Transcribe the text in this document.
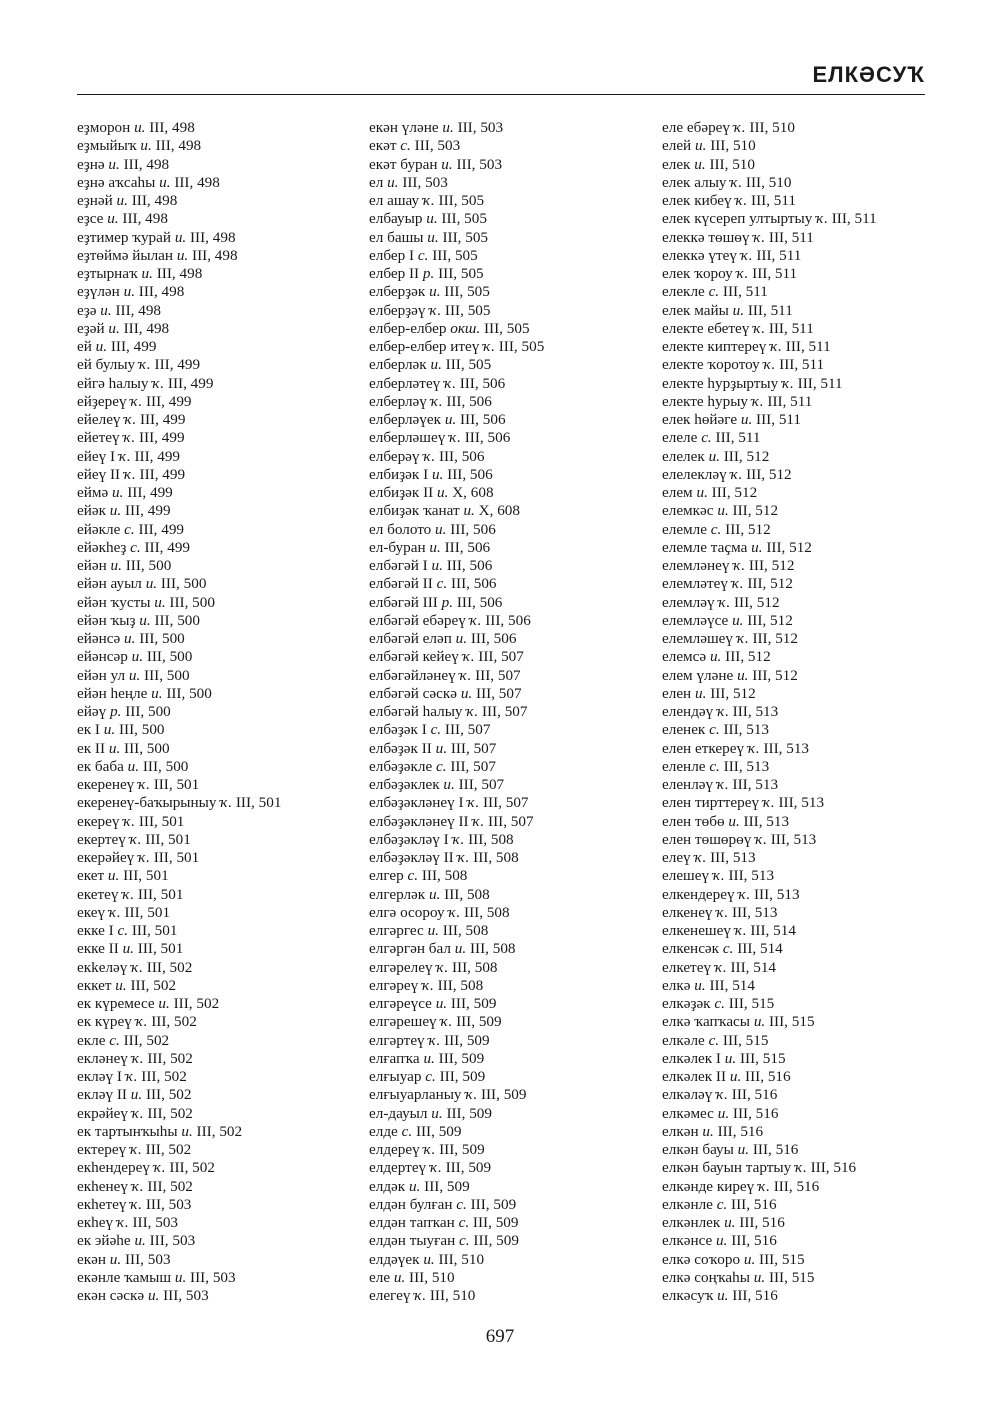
ЕЛКӘСУҠ
еҙморон и. III, 498
еҙмыйыҡ и. III, 498
еҙнә и. III, 498
еҙнә аҡсаһы и. III, 498
еҙнәй и. III, 498
еҙсе и. III, 498
еҙтимер ҡурай и. III, 498
еҙтөймә йылан и. III, 498
еҙтырнаҡ и. III, 498
еҙүлән и. III, 498
еҙә и. III, 498
еҙәй и. III, 498
ей и. III, 499
ей булыу ҡ. III, 499
ейгә һалыу ҡ. III, 499
ейҙереү ҡ. III, 499
ейелеү ҡ. III, 499
ейетеү ҡ. III, 499
ейеү I ҡ. III, 499
ейеү II ҡ. III, 499
еймә и. III, 499
ейәк и. III, 499
ейәкле с. III, 499
ейәкһеҙ с. III, 499
ейән и. III, 500
ейән ауыл и. III, 500
ейән ҡусты и. III, 500
ейән ҡыҙ и. III, 500
ейәнсә и. III, 500
ейәнсәр и. III, 500
ейән ул и. III, 500
ейән һеңле и. III, 500
ейәү р. III, 500
ек I и. III, 500
ек II и. III, 500
ек баба и. III, 500
екеренеү ҡ. III, 501
екеренеү-баҡырыныу ҡ. III, 501
екереү ҡ. III, 501
екертеү ҡ. III, 501
екерәйеү ҡ. III, 501
екет и. III, 501
екетеү ҡ. III, 501
екеү ҡ. III, 501
екке I с. III, 501
екке II и. III, 501
екkeләү ҡ. III, 502
еккет и. III, 502
ек күремесе и. III, 502
ек күреү ҡ. III, 502
екле с. III, 502
екләнеү ҡ. III, 502
екләү I ҡ. III, 502
екләү II и. III, 502
екрәйеү ҡ. III, 502
ек тартынҡыһы и. III, 502
ектереү ҡ. III, 502
екһендереү ҡ. III, 502
екһенеү ҡ. III, 502
екһетеү ҡ. III, 503
екһеү ҡ. III, 503
ек эйәһе и. III, 503
екән и. III, 503
екәнле ҡамыш и. III, 503
екән сәскә и. III, 503
екән үләне и. III, 503
екәт с. III, 503
екәт буран и. III, 503
ел и. III, 503
ел ашау ҡ. III, 505
елбауыр и. III, 505
ел башы и. III, 505
елбер I с. III, 505
елбер II р. III, 505
елберҙәк и. III, 505
елберҙәү ҡ. III, 505
елбер-елбер окш. III, 505
елбер-елбер итеү ҡ. III, 505
елберләк и. III, 505
елберләтеү ҡ. III, 506
елберләү ҡ. III, 506
елберләүек и. III, 506
елберләшеү ҡ. III, 506
елберәү ҡ. III, 506
елбиҙәк I и. III, 506
елбиҙәк II и. X, 608
елбиҙәк ҡанат и. X, 608
ел болото и. III, 506
ел-буран и. III, 506
елбәгәй I и. III, 506
елбәгәй II с. III, 506
елбәгәй III р. III, 506
елбәгәй ебәреү ҡ. III, 506
елбәгәй еләп и. III, 506
елбәгәй кейеү ҡ. III, 507
елбәгәйләнеү ҡ. III, 507
елбәгәй сәскә и. III, 507
елбәгәй һалыу ҡ. III, 507
елбәҙәк I с. III, 507
елбәҙәк II и. III, 507
елбәҙәкле с. III, 507
елбәҙәклек и. III, 507
елбәҙәкләнеү I ҡ. III, 507
елбәҙәкләнеү II ҡ. III, 507
елбәҙәкләү I ҡ. III, 508
елбәҙәкләү II ҡ. III, 508
елгер с. III, 508
елгерләк и. III, 508
елгә осороу ҡ. III, 508
елгәргес и. III, 508
елгәргән бал и. III, 508
елгәрелеү ҡ. III, 508
елгәреү ҡ. III, 508
елгәреүсе и. III, 509
елгәрешеү ҡ. III, 509
елгәртеү ҡ. III, 509
елғапҡа и. III, 509
елғыуар с. III, 509
елғыуарланыу ҡ. III, 509
ел-дауыл и. III, 509
елде с. III, 509
елдереү ҡ. III, 509
елдертеү ҡ. III, 509
елдәк и. III, 509
елдән булған с. III, 509
елдән тапҡан с. III, 509
елдән тыуған с. III, 509
елдәүек и. III, 510
еле и. III, 510
елегеү ҡ. III, 510
еле ебәреү ҡ. III, 510
елей и. III, 510
елек и. III, 510
елек алыу ҡ. III, 510
елек кибеү ҡ. III, 511
елек күсереп ултыртыу ҡ. III, 511
елеккә төшөү ҡ. III, 511
елеккә үтеү ҡ. III, 511
елек ҡороу ҡ. III, 511
елекле с. III, 511
елек майы и. III, 511
електе ебетеү ҡ. III, 511
електе киптереү ҡ. III, 511
електе ҡоротоу ҡ. III, 511
електе һурҙыртыу ҡ. III, 511
електе һурыу ҡ. III, 511
елек һөйәге и. III, 511
елеле с. III, 511
елелек и. III, 512
елелекләү ҡ. III, 512
елем и. III, 512
елемкәс и. III, 512
елемле с. III, 512
елемле таҫма и. III, 512
елемләнеү ҡ. III, 512
елемләтеү ҡ. III, 512
елемләү ҡ. III, 512
елемләүсе и. III, 512
елемләшеү ҡ. III, 512
елемсә и. III, 512
елем үләне и. III, 512
елен и. III, 512
елендәү ҡ. III, 513
еленек с. III, 513
елен еткереү ҡ. III, 513
еленле с. III, 513
еленләү ҡ. III, 513
елен тирттереү ҡ. III, 513
елен төбө и. III, 513
елен төшөрөү ҡ. III, 513
елеү ҡ. III, 513
елешеү ҡ. III, 513
елкендереү ҡ. III, 513
елкенеү ҡ. III, 513
елкенешеү ҡ. III, 514
елкенсәк с. III, 514
елкетеү ҡ. III, 514
елкә и. III, 514
елкәҙәк с. III, 515
елкә ҡапҡасы и. III, 515
елкәле с. III, 515
елкәлек I и. III, 515
елкәлек II и. III, 516
елкәләү ҡ. III, 516
елкәмес и. III, 516
елкән и. III, 516
елкән бауы и. III, 516
елкән бауын тартыу ҡ. III, 516
елкәнде кирeү ҡ. III, 516
елкәнле с. III, 516
елкәнлек и. III, 516
елкәнсе и. III, 516
елкә соҡоро и. III, 515
елкә соңҡаһы и. III, 515
елкәсуҡ и. III, 516
697
